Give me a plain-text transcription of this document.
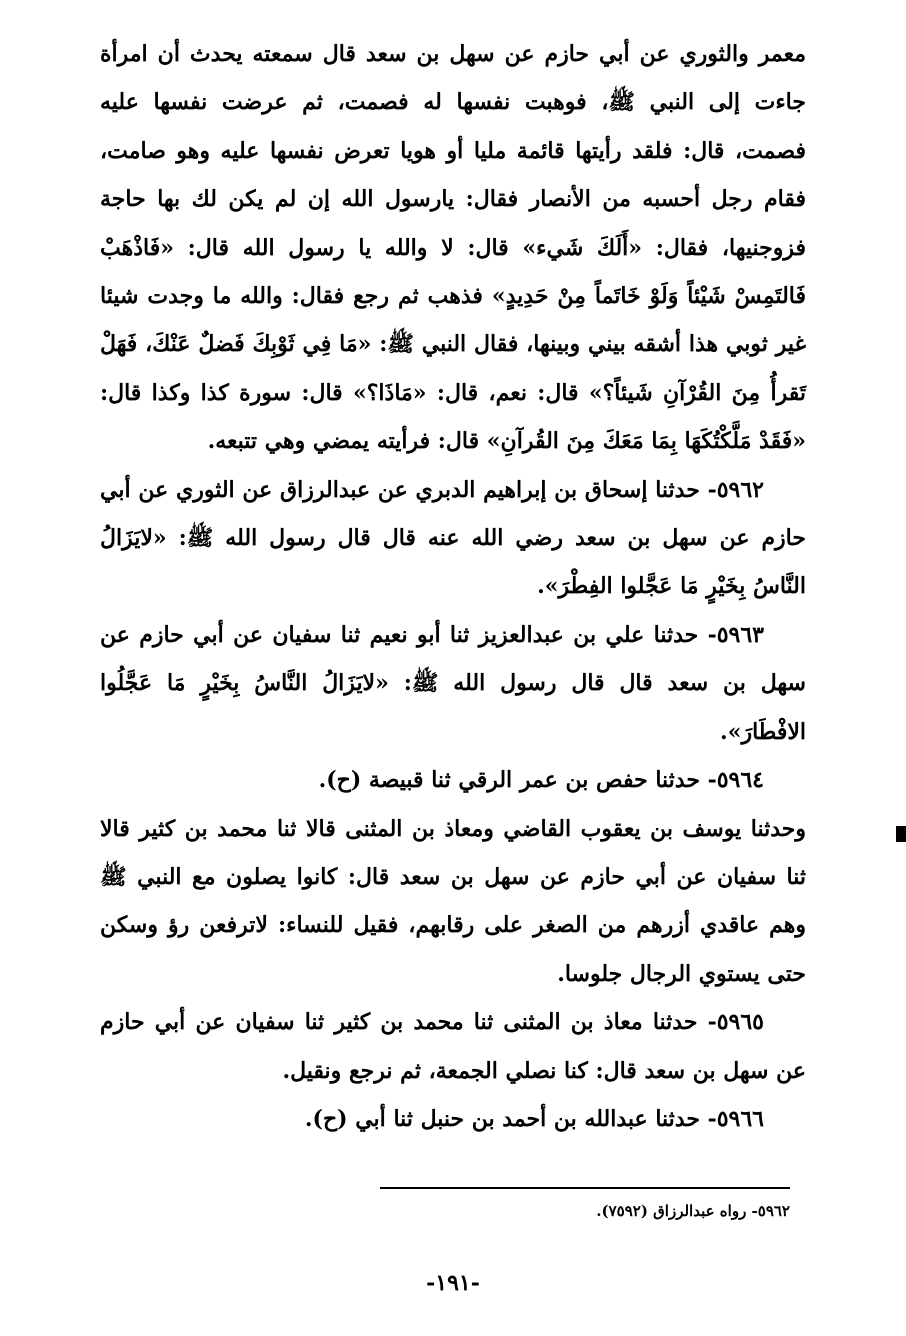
معمر والثوري عن أبي حازم عن سهل بن سعد قال سمعته يحدث أن امرأة جاءت إلى النبي ﷺ، فوهبت نفسها له فصمت، ثم عرضت نفسها عليه فصمت، قال: فلقد رأيتها قائمة مليا أو هويا تعرض نفسها عليه وهو صامت، فقام رجل أحسبه من الأنصار فقال: يارسول الله إن لم يكن لك بها حاجة فزوجنيها، فقال: «أَلَكَ شَيء» قال: لا والله يا رسول الله قال: «فَاذْهَبْ فَالتَمِسْ شَيْئاً وَلَوْ خَاتَماً مِنْ حَدِيدٍ» فذهب ثم رجع فقال: والله ما وجدت شيئا غير ثوبي هذا أشقه بيني وبينها، فقال النبي ﷺ: «مَا فِي ثَوْبِكَ فَضلٌ عَنْكَ، فَهَلْ تَقرأُ مِنَ القُرْآنِ شَيئاً؟» قال: نعم، قال: «مَاذَا؟» قال: سورة كذا وكذا قال: «فَقَدْ مَلَّكْتُكَهَا بِمَا مَعَكَ مِنَ القُرآنِ» قال: فرأيته يمضي وهي تتبعه.

٥٩٦٢- حدثنا إسحاق بن إبراهيم الدبري عن عبدالرزاق عن الثوري عن أبي حازم عن سهل بن سعد رضي الله عنه قال قال رسول الله ﷺ: «لايَزَالُ النَّاسُ بِخَيْرٍ مَا عَجَّلوا الفِطْرَ».

٥٩٦٣- حدثنا علي بن عبدالعزيز ثنا أبو نعيم ثنا سفيان عن أبي حازم عن سهل بن سعد قال قال رسول الله ﷺ: «لايَزَالُ النَّاسُ بِخَيْرٍ مَا عَجَّلُوا الافْطَارَ».

٥٩٦٤- حدثنا حفص بن عمر الرقي ثنا قبيصة (ح).

وحدثنا يوسف بن يعقوب القاضي ومعاذ بن المثنى قالا ثنا محمد بن كثير قالا ثنا سفيان عن أبي حازم عن سهل بن سعد قال: كانوا يصلون مع النبي ﷺ وهم عاقدي أزرهم من الصغر على رقابهم، فقيل للنساء: لاترفعن رؤ وسكن حتى يستوي الرجال جلوسا.

٥٩٦٥- حدثنا معاذ بن المثنى ثنا محمد بن كثير ثنا سفيان عن أبي حازم عن سهل بن سعد قال: كنا نصلي الجمعة، ثم نرجع ونقيل.

٥٩٦٦- حدثنا عبدالله بن أحمد بن حنبل ثنا أبي (ح).

٥٩٦٢- رواه عبدالرزاق (٧٥٩٢).
-١٩١-
